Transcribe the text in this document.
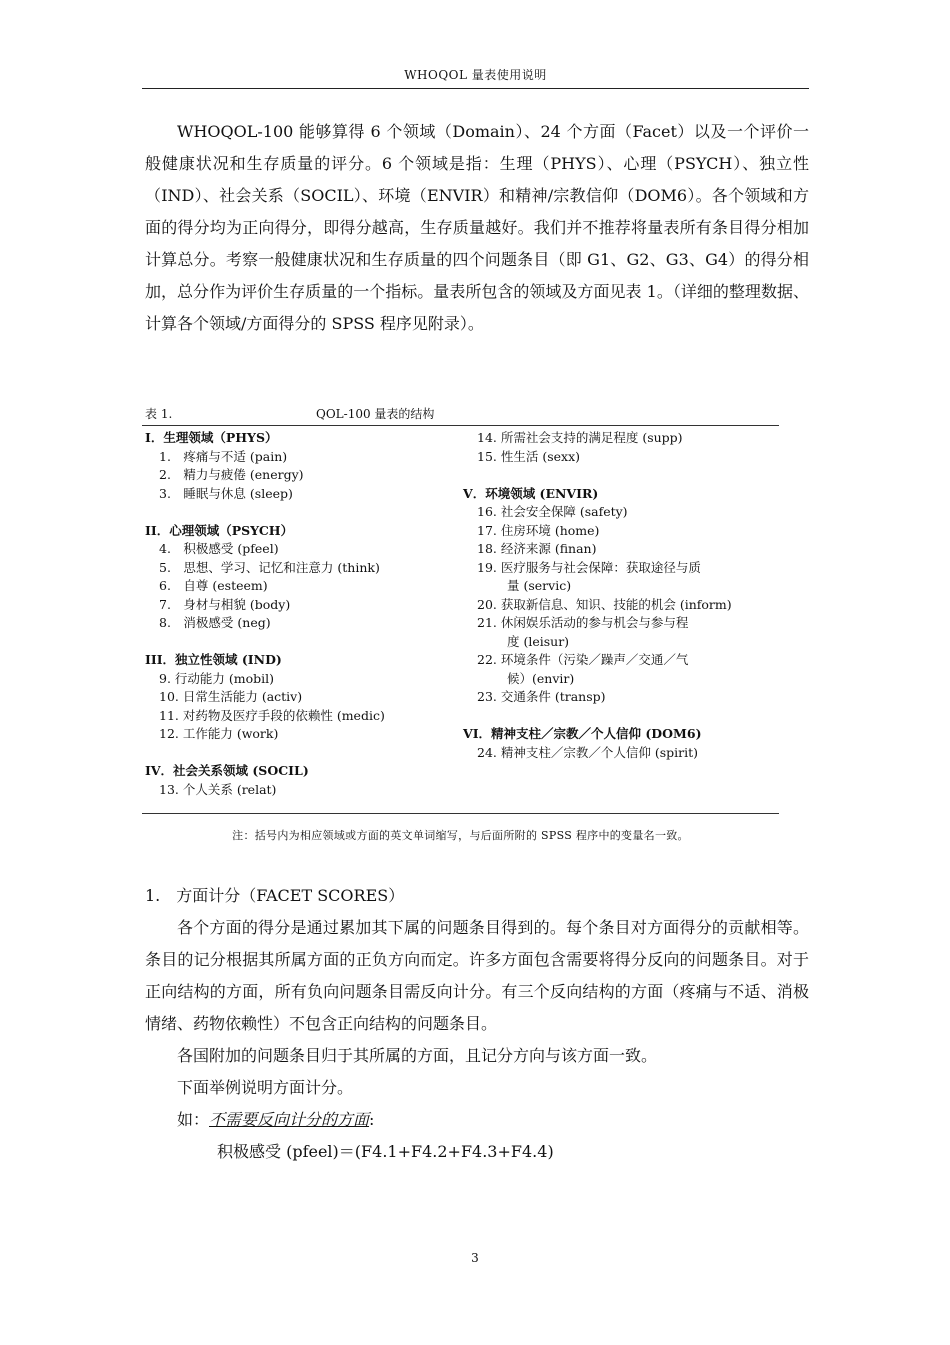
WHOQOL 量表使用说明
WHOQOL-100 能够算得 6 个领域（Domain）、24 个方面（Facet）以及一个评价一般健康状况和生存质量的评分。6 个领域是指：生理（PHYS）、心理（PSYCH）、独立性（IND）、社会关系（SOCIL）、环境（ENVIR）和精神/宗教信仰（DOM6）。各个领域和方面的得分均为正向得分，即得分越高，生存质量越好。我们并不推荐将量表所有条目得分相加计算总分。考察一般健康状况和生存质量的四个问题条目（即 G1、G2、G3、G4）的得分相加，总分作为评价生存质量的一个指标。量表所包含的领域及方面见表 1。（详细的整理数据、计算各个领域/方面得分的 SPSS 程序见附录）。
表 1.	QOL-100 量表的结构
I．生理领域（PHYS）
1.　疼痛与不适 (pain)
2.　精力与疲倦 (energy)
3.　睡眠与休息 (sleep)
II．心理领域（PSYCH）
4.　积极感受 (pfeel)
5.　思想、学习、记忆和注意力 (think)
6.　自尊 (esteem)
7.　身材与相貌 (body)
8.　消极感受 (neg)
III．独立性领域 (IND)
9. 行动能力 (mobil)
10. 日常生活能力 (activ)
11. 对药物及医疗手段的依赖性 (medic)
12. 工作能力 (work)
IV．社会关系领域 (SOCIL)
13. 个人关系 (relat)
14. 所需社会支持的满足程度 (supp)
15. 性生活 (sexx)
V．环境领域 (ENVIR)
16. 社会安全保障 (safety)
17. 住房环境 (home)
18. 经济来源 (finan)
19. 医疗服务与社会保障：获取途径与质
量 (servic)
20. 获取新信息、知识、技能的机会 (inform)
21. 休闲娱乐活动的参与机会与参与程
度 (leisur)
22. 环境条件（污染／躁声／交通／气
候）(envir)
23. 交通条件 (transp)
VI．精神支柱／宗教／个人信仰 (DOM6)
24. 精神支柱／宗教／个人信仰 (spirit)
注：括号内为相应领域或方面的英文单词缩写，与后面所附的 SPSS 程序中的变量名一致。
1.　方面计分（FACET SCORES）
各个方面的得分是通过累加其下属的问题条目得到的。每个条目对方面得分的贡献相等。条目的记分根据其所属方面的正负方向而定。许多方面包含需要将得分反向的问题条目。对于正向结构的方面，所有负向问题条目需反向计分。有三个反向结构的方面（疼痛与不适、消极情绪、药物依赖性）不包含正向结构的问题条目。
各国附加的问题条目归于其所属的方面，且记分方向与该方面一致。
下面举例说明方面计分。
如：不需要反向计分的方面:
积极感受 (pfeel)＝(F4.1+F4.2+F4.3+F4.4)
3
